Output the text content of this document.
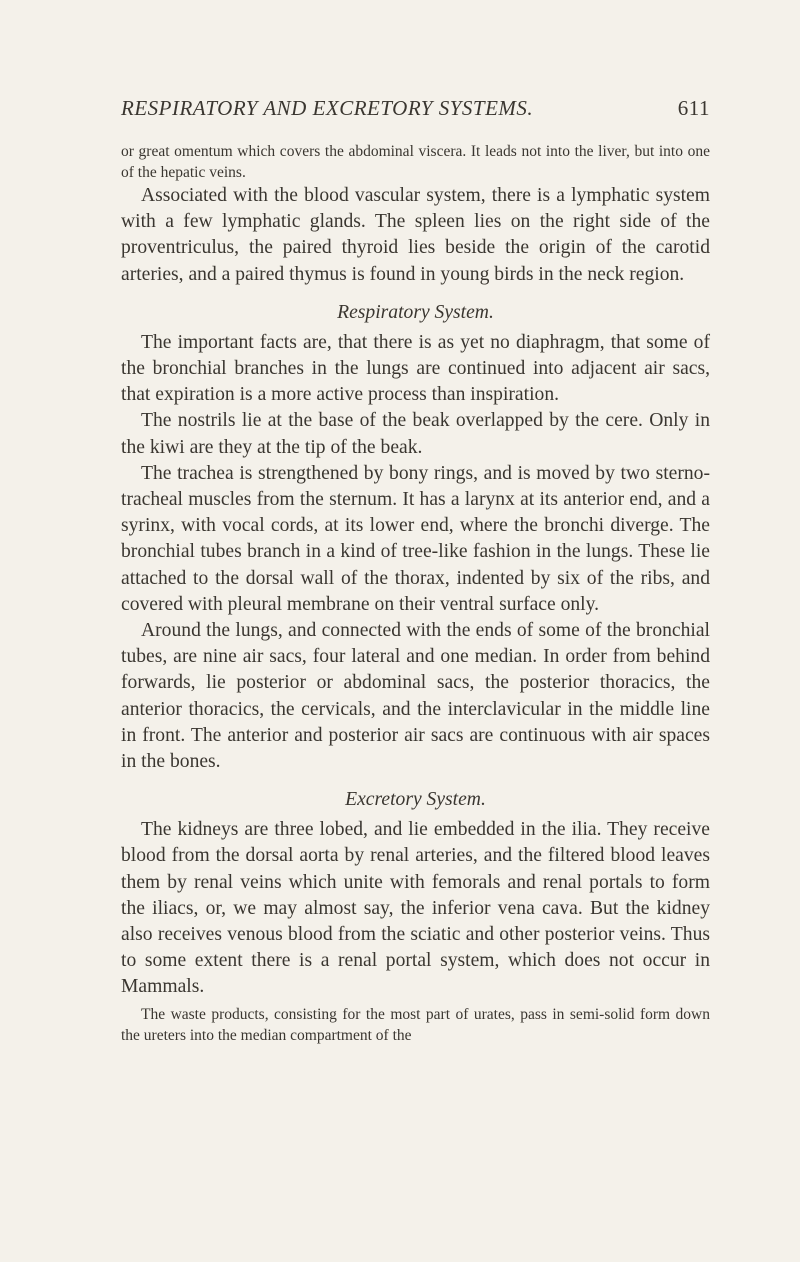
RESPIRATORY AND EXCRETORY SYSTEMS.	611

or great omentum which covers the abdominal viscera. It leads not into the liver, but into one of the hepatic veins.

Associated with the blood vascular system, there is a lymphatic system with a few lymphatic glands. The spleen lies on the right side of the proventriculus, the paired thyroid lies beside the origin of the carotid arteries, and a paired thymus is found in young birds in the neck region.

Respiratory System.

The important facts are, that there is as yet no diaphragm, that some of the bronchial branches in the lungs are continued into adjacent air sacs, that expiration is a more active process than inspiration.

The nostrils lie at the base of the beak overlapped by the cere. Only in the kiwi are they at the tip of the beak.

The trachea is strengthened by bony rings, and is moved by two sterno-tracheal muscles from the sternum. It has a larynx at its anterior end, and a syrinx, with vocal cords, at its lower end, where the bronchi diverge. The bronchial tubes branch in a kind of tree-like fashion in the lungs. These lie attached to the dorsal wall of the thorax, indented by six of the ribs, and covered with pleural membrane on their ventral surface only.

Around the lungs, and connected with the ends of some of the bronchial tubes, are nine air sacs, four lateral and one median. In order from behind forwards, lie posterior or abdominal sacs, the posterior thoracics, the anterior thoracics, the cervicals, and the interclavicular in the middle line in front. The anterior and posterior air sacs are continuous with air spaces in the bones.

Excretory System.

The kidneys are three lobed, and lie embedded in the ilia. They receive blood from the dorsal aorta by renal arteries, and the filtered blood leaves them by renal veins which unite with femorals and renal portals to form the iliacs, or, we may almost say, the inferior vena cava. But the kidney also receives venous blood from the sciatic and other posterior veins. Thus to some extent there is a renal portal system, which does not occur in Mammals.

The waste products, consisting for the most part of urates, pass in semi-solid form down the ureters into the median compartment of the
